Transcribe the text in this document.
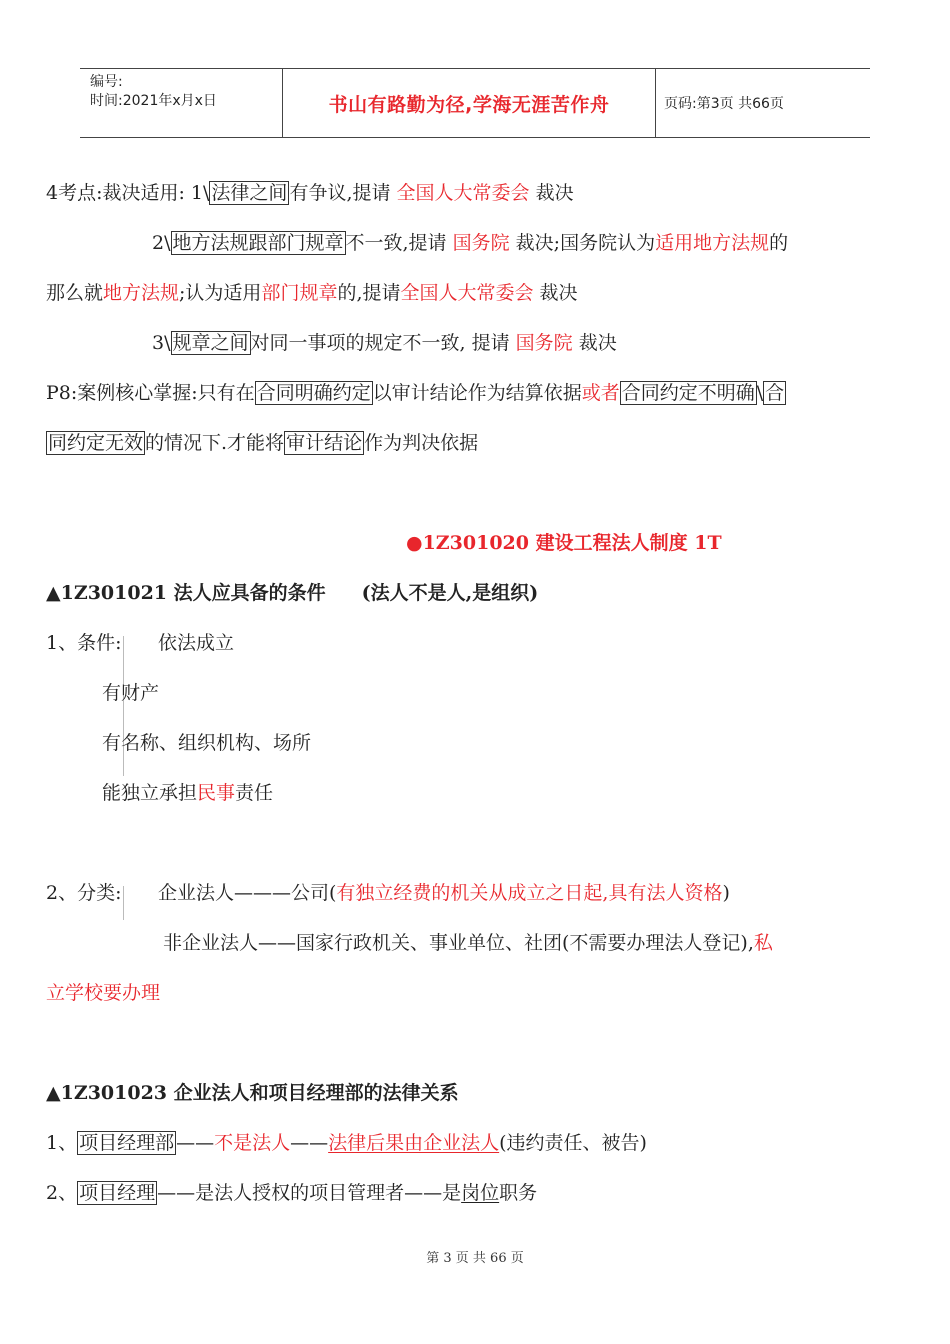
编号:
时间:2021年x月x日	书山有路勤为径,学海无涯苦作舟	页码:第3页 共66页
4考点:裁决适用: 1\ 法律之间 有争议,提请 全国人大常委会 裁决
2\ 地方法规跟部门规章 不一致,提请 国务院 裁决;国务院认为适用地方法规的
那么就地方法规;认为适用部门规章的,提请全国人大常委会 裁决
3\ 规章之间 对同一事项的规定不一致, 提请 国务院 裁决
P8:案例核心掌握:只有在 合同明确约定 以审计结论作为结算依据或者 合同约定不明确 \ 合
同约定无效 的情况下.才能将 审计结论 作为判决依据
●1Z301020 建设工程法人制度 1T
▲1Z301021 法人应具备的条件 (法人不是人,是组织)
1、条件: 依法成立
有财产
有名称、组织机构、场所
能独立承担民事责任
2、分类: 企业法人———公司(有独立经费的机关从成立之日起,具有法人资格)
非企业法人——国家行政机关、事业单位、社团(不需要办理法人登记),私
立学校要办理
▲1Z301023 企业法人和项目经理部的法律关系
1、 项目经理部 ——不是法人——法律后果由企业法人(违约责任、被告)
2、 项目经理 ——是法人授权的项目管理者——是岗位职务
第 3 页 共 66 页
